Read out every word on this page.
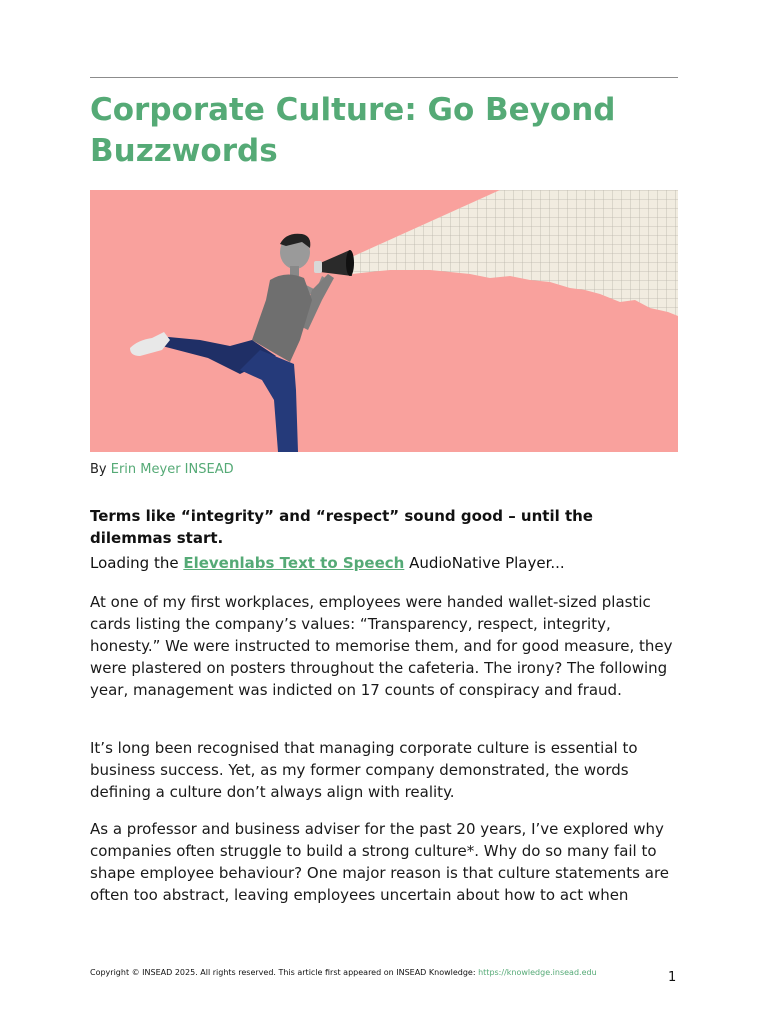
Corporate Culture: Go Beyond Buzzwords
By Erin Meyer INSEAD
Terms like “integrity” and “respect” sound good – until the dilemmas start.
Loading the Elevenlabs Text to Speech AudioNative Player...

At one of my first workplaces, employees were handed wallet-sized plastic cards listing the company’s values: “Transparency, respect, integrity, honesty.” We were instructed to memorise them, and for good measure, they were plastered on posters throughout the cafeteria. The irony? The following year, management was indicted on 17 counts of conspiracy and fraud.

It’s long been recognised that managing corporate culture is essential to business success. Yet, as my former company demonstrated, the words defining a culture don’t always align with reality.

As a professor and business adviser for the past 20 years, I’ve explored why companies often struggle to build a strong culture*. Why do so many fail to shape employee behaviour? One major reason is that culture statements are often too abstract, leaving employees uncertain about how to act when

Copyright © INSEAD 2025. All rights reserved. This article first appeared on INSEAD Knowledge: https://knowledge.insead.edu	1
